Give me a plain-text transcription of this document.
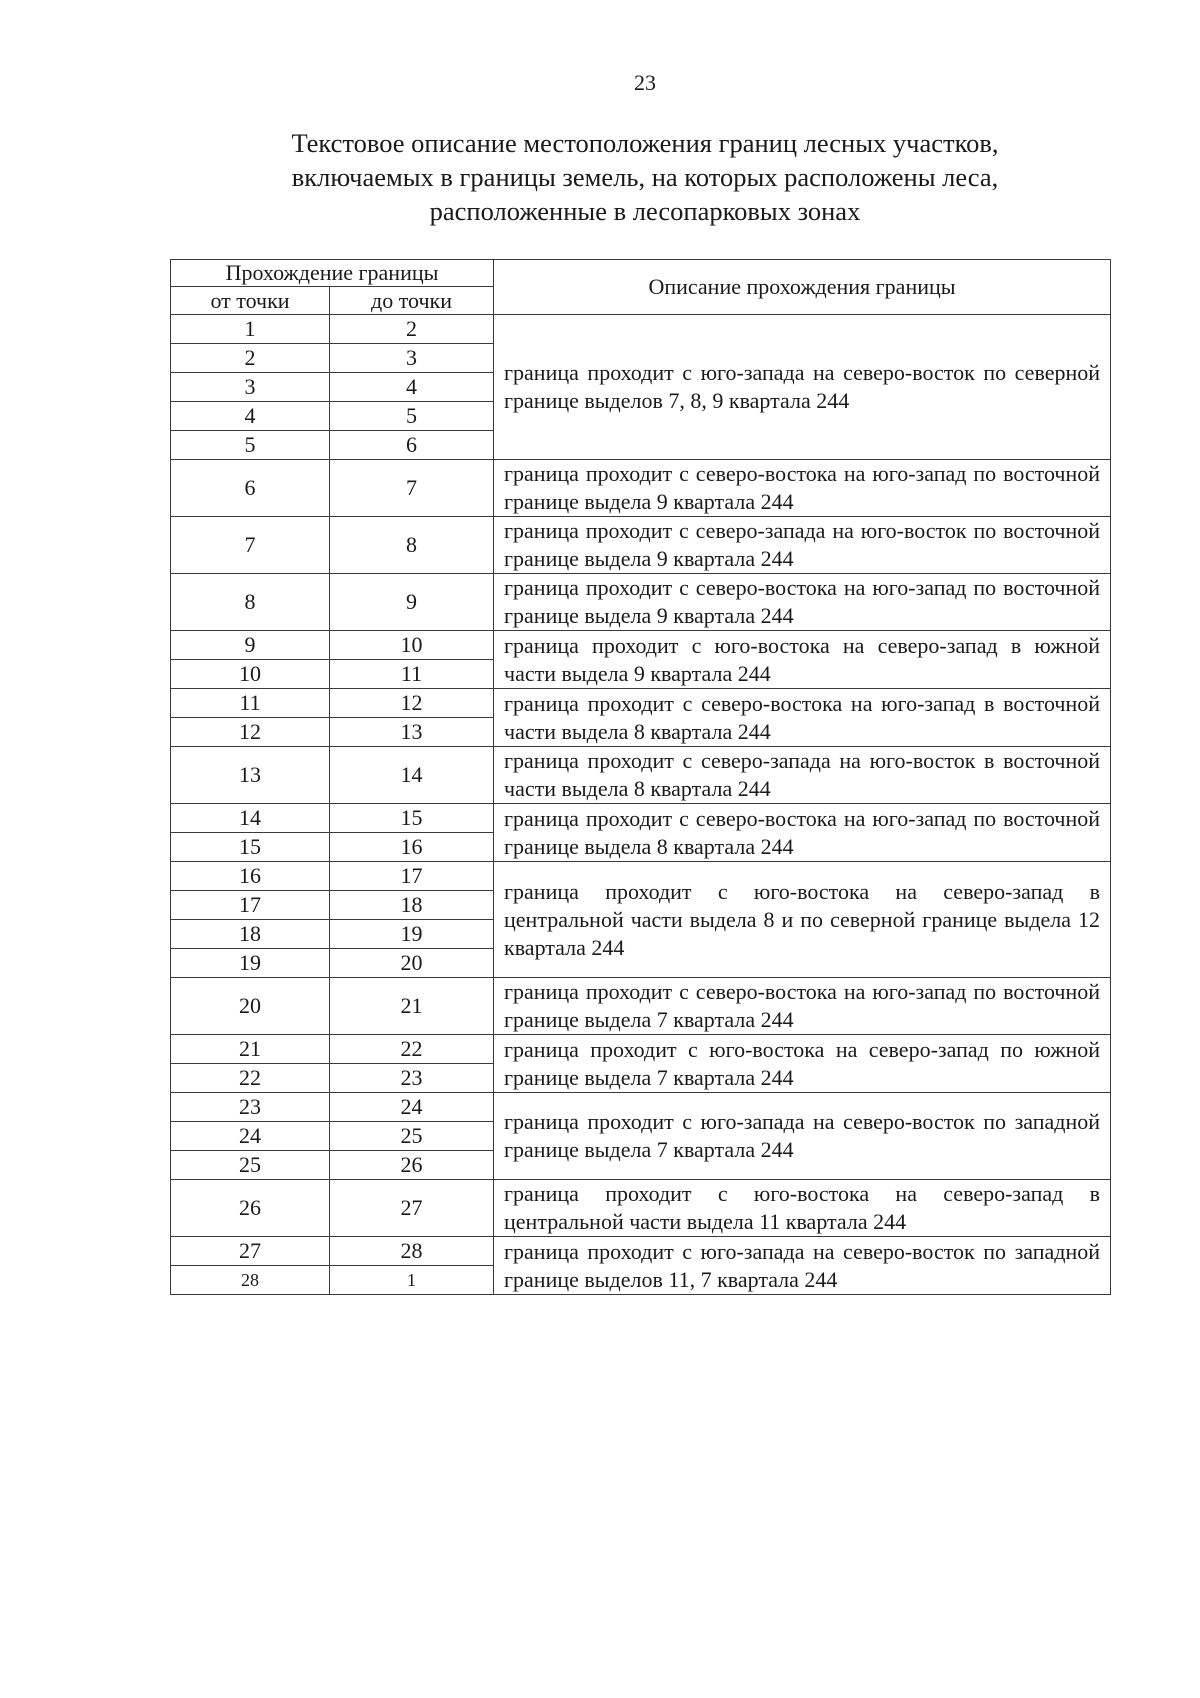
23
Текстовое описание местоположения границ лесных участков,
включаемых в границы земель, на которых расположены леса,
расположенные в лесопарковых зонах
Прохождение границы		Описание прохождения границы
от точки	до точки	
1	2	граница проходит с юго-запада на северо-восток по северной границе выделов 7, 8, 9 квартала 244
2	3	
3	4	
4	5	
5	6	
6	7	граница проходит с северо-востока на юго-запад по восточной границе выдела 9 квартала 244
7	8	граница проходит с северо-запада на юго-восток по восточной границе выдела 9 квартала 244
8	9	граница проходит с северо-востока на юго-запад по восточной границе выдела 9 квартала 244
9	10	граница проходит с юго-востока на северо-запад в южной части выдела 9 квартала 244
10	11	
11	12	граница проходит с северо-востока на юго-запад в восточной части выдела 8 квартала 244
12	13	
13	14	граница проходит с северо-запада на юго-восток в восточной части выдела 8 квартала 244
14	15	граница проходит с северо-востока на юго-запад по восточной границе выдела 8 квартала 244
15	16	
16	17	граница проходит с юго-востока на северо-запад в центральной части выдела 8 и по северной границе выдела 12 квартала 244
17	18	
18	19	
19	20	
20	21	граница проходит с северо-востока на юго-запад по восточной границе выдела 7 квартала 244
21	22	граница проходит с юго-востока на северо-запад по южной границе выдела 7 квартала 244
22	23	
23	24	граница проходит с юго-запада на северо-восток по западной границе выдела 7 квартала 244
24	25	
25	26	
26	27	граница проходит с юго-востока на северо-запад в центральной части выдела 11 квартала 244
27	28	граница проходит с юго-запада на северо-восток по западной границе выделов 11, 7 квартала 244
28	1	
